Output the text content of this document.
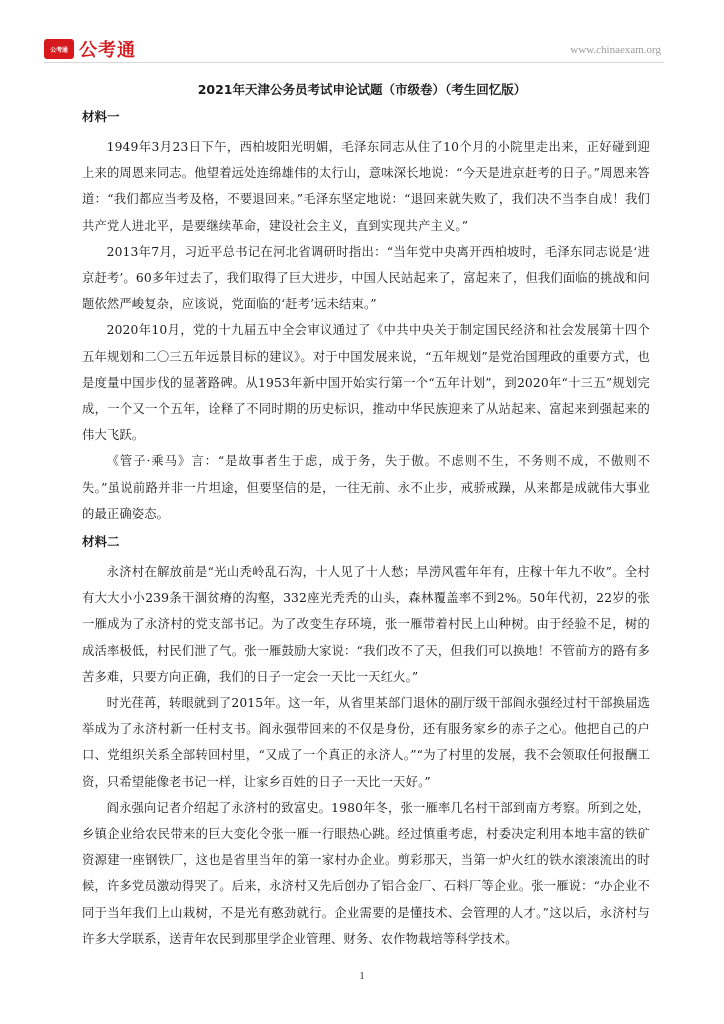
公考通 公考通	www.chinaexam.org
2021年天津公务员考试申论试题（市级卷）（考生回忆版）
材料一

1949年3月23日下午，西柏坡阳光明媚，毛泽东同志从住了10个月的小院里走出来，正好碰到迎上来的周恩来同志。他望着远处连绵雄伟的太行山，意味深长地说：“今天是进京赶考的日子。”周恩来答道：“我们都应当考及格，不要退回来。”毛泽东坚定地说：“退回来就失败了，我们决不当李自成！我们共产党人进北平，是要继续革命，建设社会主义，直到实现共产主义。”

2013年7月，习近平总书记在河北省调研时指出：“当年党中央离开西柏坡时，毛泽东同志说是‘进京赶考’。60多年过去了，我们取得了巨大进步，中国人民站起来了，富起来了，但我们面临的挑战和问题依然严峻复杂，应该说，党面临的‘赶考’远未结束。”

2020年10月，党的十九届五中全会审议通过了《中共中央关于制定国民经济和社会发展第十四个五年规划和二〇三五年远景目标的建议》。对于中国发展来说，“五年规划”是党治国理政的重要方式，也是度量中国步伐的显著路碑。从1953年新中国开始实行第一个“五年计划”，到2020年“十三五”规划完成，一个又一个五年，诠释了不同时期的历史标识，推动中华民族迎来了从站起来、富起来到强起来的伟大飞跃。

《管子·乘马》言：“是故事者生于虑，成于务，失于傲。不虑则不生，不务则不成，不傲则不失。”虽说前路并非一片坦途，但要坚信的是，一往无前、永不止步，戒骄戒躁，从来都是成就伟大事业的最正确姿态。

材料二

永济村在解放前是“光山秃岭乱石沟，十人见了十人愁；旱涝风雹年年有，庄稼十年九不收”。全村有大大小小239条干涸贫瘠的沟壑，332座光秃秃的山头，森林覆盖率不到2%。50年代初，22岁的张一雁成为了永济村的党支部书记。为了改变生存环境，张一雁带着村民上山种树。由于经验不足，树的成活率极低，村民们泄了气。张一雁鼓励大家说：“我们改不了天，但我们可以换地！不管前方的路有多苦多难，只要方向正确，我们的日子一定会一天比一天红火。”

时光荏苒，转眼就到了2015年。这一年，从省里某部门退休的副厅级干部阎永强经过村干部换届选举成为了永济村新一任村支书。阎永强带回来的不仅是身份，还有服务家乡的赤子之心。他把自己的户口、党组织关系全部转回村里，“又成了一个真正的永济人。”“为了村里的发展，我不会领取任何报酬工资，只希望能像老书记一样，让家乡百姓的日子一天比一天好。”

阎永强向记者介绍起了永济村的致富史。1980年冬，张一雁率几名村干部到南方考察。所到之处，乡镇企业给农民带来的巨大变化令张一雁一行眼热心跳。经过慎重考虑，村委决定利用本地丰富的铁矿资源建一座钢铁厂，这也是省里当年的第一家村办企业。剪彩那天，当第一炉火红的铁水滚滚流出的时候，许多党员激动得哭了。后来，永济村又先后创办了铝合金厂、石料厂等企业。张一雁说：“办企业不同于当年我们上山栽树，不是光有憨劲就行。企业需要的是懂技术、会管理的人才。”这以后，永济村与许多大学联系，送青年农民到那里学企业管理、财务、农作物栽培等科学技术。

1
